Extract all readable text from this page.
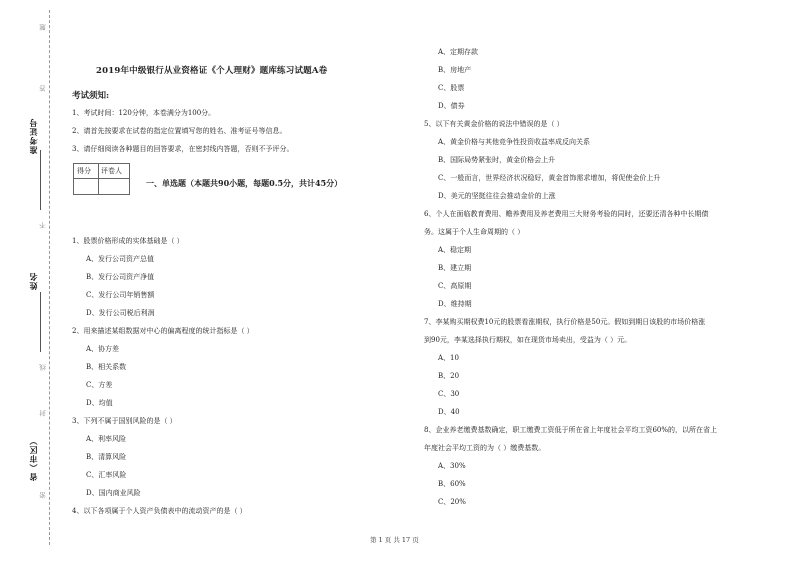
题
答
准考证号
不
姓名
线
封
省（市区）
密
2019年中级银行从业资格证《个人理财》题库练习试题A卷
考试须知:
1、考试时间：120分钟，本卷满分为100分。
2、请首先按要求在试卷的指定位置填写您的姓名、准考证号等信息。
3、请仔细阅读各种题目的回答要求，在密封线内答题，否则不予评分。
得分 评卷人
一、单选题（本题共90小题，每题0.5分，共计45分）
1、股票价格形成的实体基础是（ ）
A、发行公司资产总值
B、发行公司资产净值
C、发行公司年销售额
D、发行公司税后利润
2、用来描述某组数据对中心的偏离程度的统计指标是（ ）
A、协方差
B、相关系数
C、方差
D、均值
3、下列不属于国别风险的是（ ）
A、利率风险
B、清算风险
C、汇率风险
D、国内商业风险
4、以下各项属于个人资产负债表中的流动资产的是（ ）
A、定期存款
B、房地产
C、股票
D、债券
5、以下有关黄金价格的说法中错误的是（ ）
A、黄金价格与其他竞争性投资收益率成反向关系
B、国际局势紧张时，黄金价格会上升
C、一般而言，世界经济状况稳好，黄金首饰需求增加，将促使金价上升
D、美元的坚挺往往会推动金价的上涨
6、个人在面临教育费用、赡养费用及养老费用三大财务考验的同时，还要还清各种中长期债
务。这属于个人生命周期的（ ）
A、稳定期
B、建立期
C、高原期
D、维持期
7、李某购买期权费10元的股票看涨期权，执行价格是50元。假如到期日该股的市场价格涨
到90元，李某选择执行期权，如在现货市场卖出，受益为（ ）元。
A、10
B、20
C、30
D、40
8、企业养老缴费基数确定，职工缴费工资低于所在省上年度社会平均工资60%的，以所在省上
年度社会平均工资的为（ ）缴费基数。
A、30%
B、60%
C、20%
第 1 页 共 17 页
